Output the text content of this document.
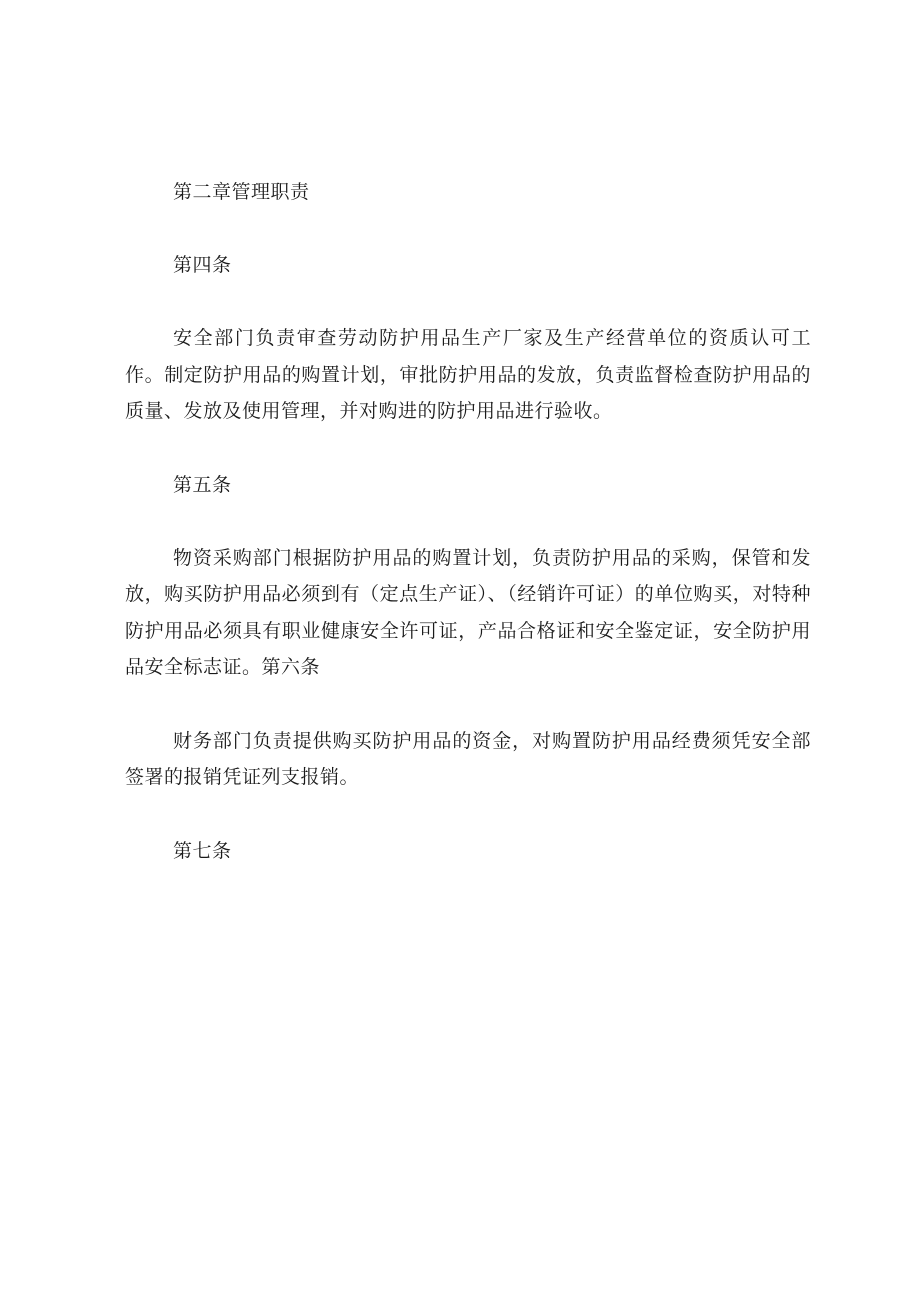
第二章管理职责

第四条

安全部门负责审查劳动防护用品生产厂家及生产经营单位的资质认可工作。制定防护用品的购置计划，审批防护用品的发放，负责监督检查防护用品的质量、发放及使用管理，并对购进的防护用品进行验收。

第五条

物资采购部门根据防护用品的购置计划，负责防护用品的采购，保管和发放，购买防护用品必须到有（定点生产证）、（经销许可证）的单位购买，对特种防护用品必须具有职业健康安全许可证，产品合格证和安全鉴定证，安全防护用品安全标志证。第六条

财务部门负责提供购买防护用品的资金，对购置防护用品经费须凭安全部签署的报销凭证列支报销。

第七条
